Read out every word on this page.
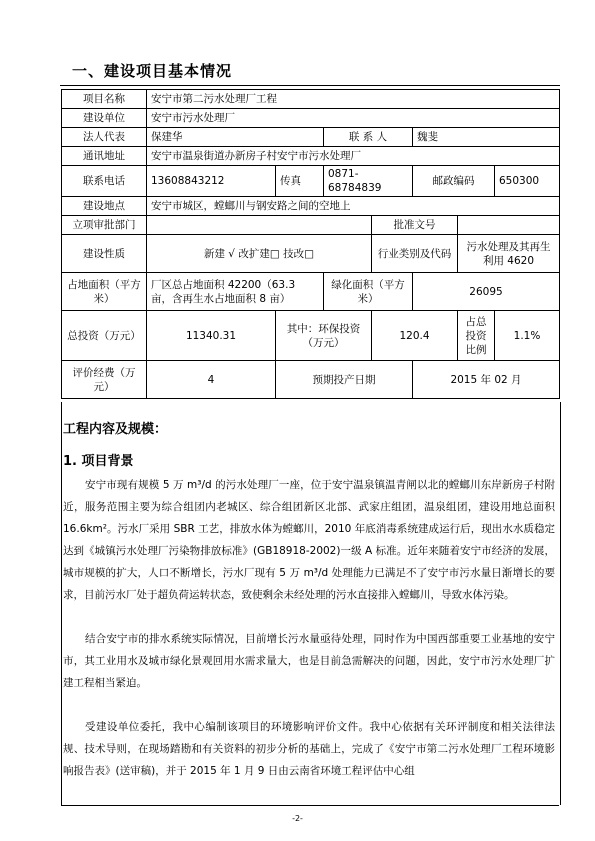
一、建设项目基本情况
项目名称	安宁市第二污水处理厂工程						
建设单位	安宁市污水处理厂						
法人代表	保建华		联 系 人		魏斐		
通讯地址	安宁市温泉街道办新房子村安宁市污水处理厂						
联系电话	13608843212	传真	0871-68784839		邮政编码		650300
建设地点	安宁市城区，螳螂川与钢安路之间的空地上						
立项审批部门				批准文号			
建设性质	新建 √ 改扩建□ 技改□			行业类别及代码		污水处理及其再生利用 4620	
占地面积（平方米）	厂区总占地面积 42200（63.3 亩，含再生水占地面积 8 亩）		绿化面积（平方米）		26095		
总投资（万元）	11340.31	其中：环保投资（万元）		120.4		占总投资比例	1.1%
评价经费（万元）	4	预期投产日期			2015 年 02 月		
工程内容及规模：
1. 项目背景
安宁市现有规模 5 万 m³/d 的污水处理厂一座，位于安宁温泉镇温青闸以北的螳螂川东岸新房子村附近，服务范围主要为综合组团内老城区、综合组团新区北部、武家庄组团，温泉组团，建设用地总面积 16.6km²。污水厂采用 SBR 工艺，排放水体为螳螂川，2010 年底消毒系统建成运行后，现出水水质稳定达到《城镇污水处理厂污染物排放标准》(GB18918-2002)一级 A 标准。近年来随着安宁市经济的发展，城市规模的扩大，人口不断增长，污水厂现有 5 万 m³/d 处理能力已满足不了安宁市污水量日渐增长的要求，目前污水厂处于超负荷运转状态，致使剩余未经处理的污水直接排入螳螂川，导致水体污染。
结合安宁市的排水系统实际情况，目前增长污水量亟待处理，同时作为中国西部重要工业基地的安宁市，其工业用水及城市绿化景观回用水需求量大，也是目前急需解决的问题，因此，安宁市污水处理厂扩建工程相当紧迫。
受建设单位委托，我中心编制该项目的环境影响评价文件。我中心依据有关环评制度和相关法律法规、技术导则，在现场踏勘和有关资料的初步分析的基础上，完成了《安宁市第二污水处理厂工程环境影响报告表》(送审稿)，并于 2015 年 1 月 9 日由云南省环境工程评估中心组
-2-
